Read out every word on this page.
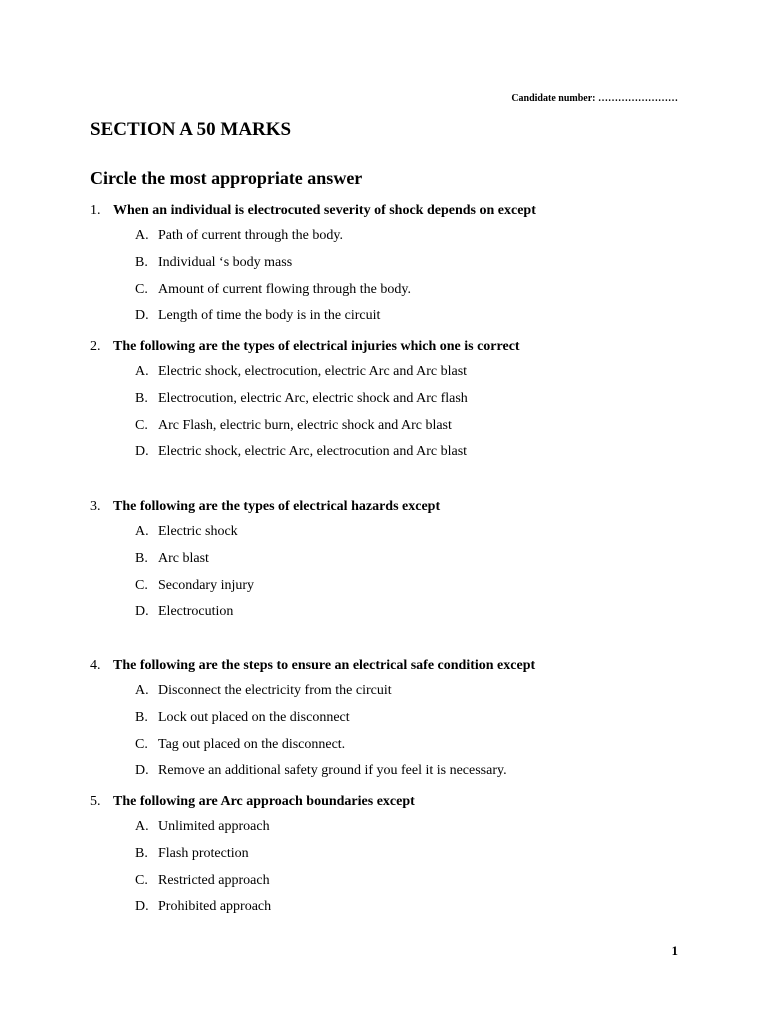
Candidate number: ……………………
SECTION A 50 MARKS
Circle the most appropriate answer
1. When an individual is electrocuted severity of shock depends on except
A. Path of current through the body.
B. Individual ‘s body mass
C. Amount of current flowing through the body.
D. Length of time the body is in the circuit
2. The following are the types of electrical injuries which one is correct
A. Electric shock, electrocution, electric Arc and Arc blast
B. Electrocution, electric Arc, electric shock and Arc flash
C. Arc Flash, electric burn, electric shock and Arc blast
D. Electric shock, electric Arc, electrocution and Arc blast
3. The following are the types of electrical hazards except
A. Electric shock
B. Arc blast
C. Secondary injury
D. Electrocution
4. The following are the steps to ensure an electrical safe condition except
A. Disconnect the electricity from the circuit
B. Lock out placed on the disconnect
C. Tag out placed on the disconnect.
D. Remove an additional safety ground if you feel it is necessary.
5. The following are Arc approach boundaries except
A. Unlimited approach
B. Flash protection
C. Restricted approach
D. Prohibited approach
1
